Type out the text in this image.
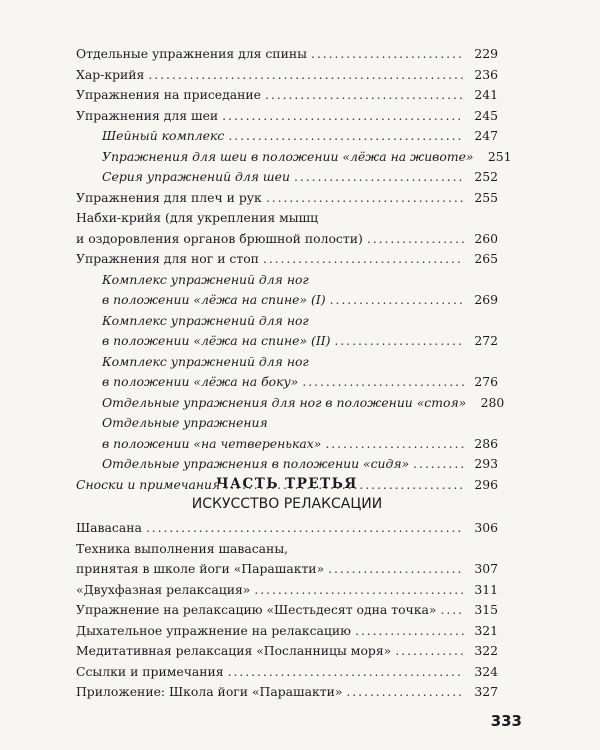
Отдельные упражнения для спины . . .	229
Хар-крийя . . .	236
Упражнения на приседание . . .	241
Упражнения для шеи . . .	245
Шейный комплекс . . .	247
Упражнения для шеи в положении «лёжа на животе»	251
Серия упражнений для шеи . . .	252
Упражнения для плеч и рук . . .	255
Набхи-крийя (для укрепления мышц
и оздоровления органов брюшной полости) . . .	260
Упражнения для ног и стоп . . .	265
Комплекс упражнений для ног
в положении «лёжа на спине» (I) . . .	269
Комплекс упражнений для ног
в положении «лёжа на спине» (II) . . .	272
Комплекс упражнений для ног
в положении «лёжа на боку» . . .	276
Отдельные упражнения для ног в положении «стоя»	280
Отдельные упражнения
в положении «на четвереньках» . . .	286
Отдельные упражнения в положении «сидя» . . .	293
Сноски и примечания . . .	296
ЧАСТЬ ТРЕТЬЯ
ИСКУССТВО РЕЛАКСАЦИИ
Шавасана . . .	306
Техника выполнения шавасаны,
принятая в школе йоги «Парашакти» . . .	307
«Двухфазная релаксация» . . .	311
Упражнение на релаксацию «Шестьдесят одна точка» . . .	315
Дыхательное упражнение на релаксацию . . .	321
Медитативная релаксация «Посланницы моря» . . .	322
Ссылки и примечания . . .	324
Приложение: Школа йоги «Парашакти» . . .	327
333
